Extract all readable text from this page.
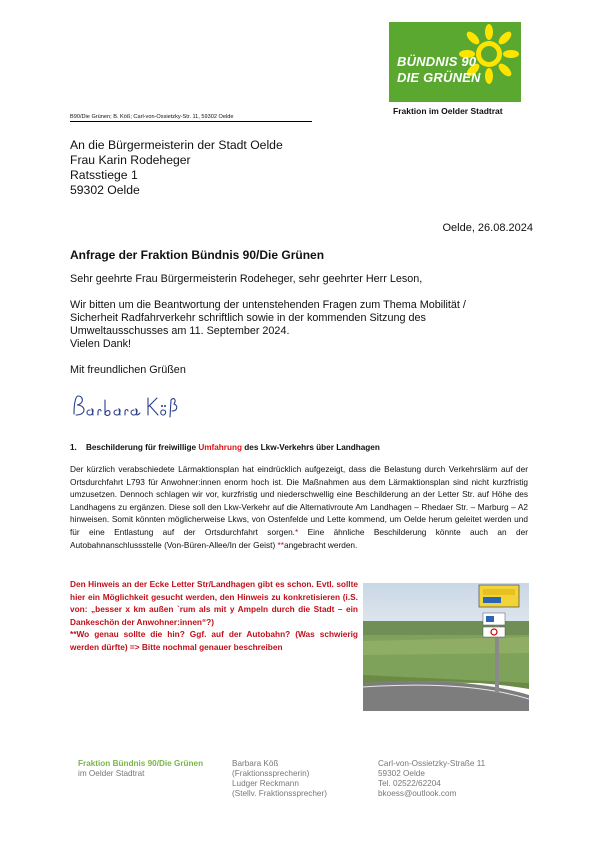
BÜNDNIS 90
DIE GRÜNEN
Fraktion im Oelder Stadtrat
B90/Die Grünen; B. Köß; Carl-von-Ossietzky-Str. 11, 59302 Oelde
An die Bürgermeisterin der Stadt Oelde
Frau Karin Rodeheger
Ratsstiege 1
59302 Oelde
Oelde, 26.08.2024
Anfrage der Fraktion Bündnis 90/Die Grünen
Sehr geehrte Frau Bürgermeisterin Rodeheger, sehr geehrter Herr Leson,
Wir bitten um die Beantwortung der untenstehenden Fragen zum Thema Mobilität /
Sicherheit Radfahrverkehr schriftlich sowie in der kommenden Sitzung des
Umweltausschusses am 11. September 2024.
Vielen Dank!
Mit freundlichen Grüßen
1. Beschilderung für freiwillige Umfahrung des Lkw-Verkehrs über Landhagen
Der kürzlich verabschiedete Lärmaktionsplan hat eindrücklich aufgezeigt, dass die Belastung durch Verkehrslärm auf der Ortsdurchfahrt L793 für Anwohner:innen enorm hoch ist. Die Maßnahmen aus dem Lärmaktionsplan sind nicht kurzfristig umzusetzen. Dennoch schlagen wir vor, kurzfristig und niederschwellig eine Beschilderung an der Letter Str. auf Höhe des Landhagens zu ergänzen. Diese soll den Lkw-Verkehr auf die Alternativroute Am Landhagen – Rhedaer Str. – Marburg – A2 hinweisen. Somit könnten möglicherweise Lkws, von Ostenfelde und Lette kommend, um Oelde herum geleitet werden und für eine Entlastung auf der Ortsdurchfahrt sorgen.* Eine ähnliche Beschilderung könnte auch an der Autobahnanschlussstelle (Von-Büren-Allee/In der Geist) **angebracht werden.
Den Hinweis an der Ecke Letter Str/Landhagen gibt es schon. Evtl. sollte hier ein Möglichkeit gesucht werden, den Hinweis zu konkretisieren (i.S. von: „besser x km außen `rum als mit y Ampeln durch die Stadt – ein Dankeschön der Anwohner:innen“?)
**Wo genau sollte die hin? Ggf. auf der Autobahn? (Was schwierig werden dürfte) => Bitte nochmal genauer beschreiben
Fraktion Bündnis 90/Die Grünen
im Oelder Stadtrat
Barbara Köß
(Fraktionssprecherin)
Ludger Reckmann
(Stellv. Fraktionssprecher)
Carl-von-Ossietzky-Straße 11
59302 Oelde
Tel. 02522/62204
bkoess@outlook.com
